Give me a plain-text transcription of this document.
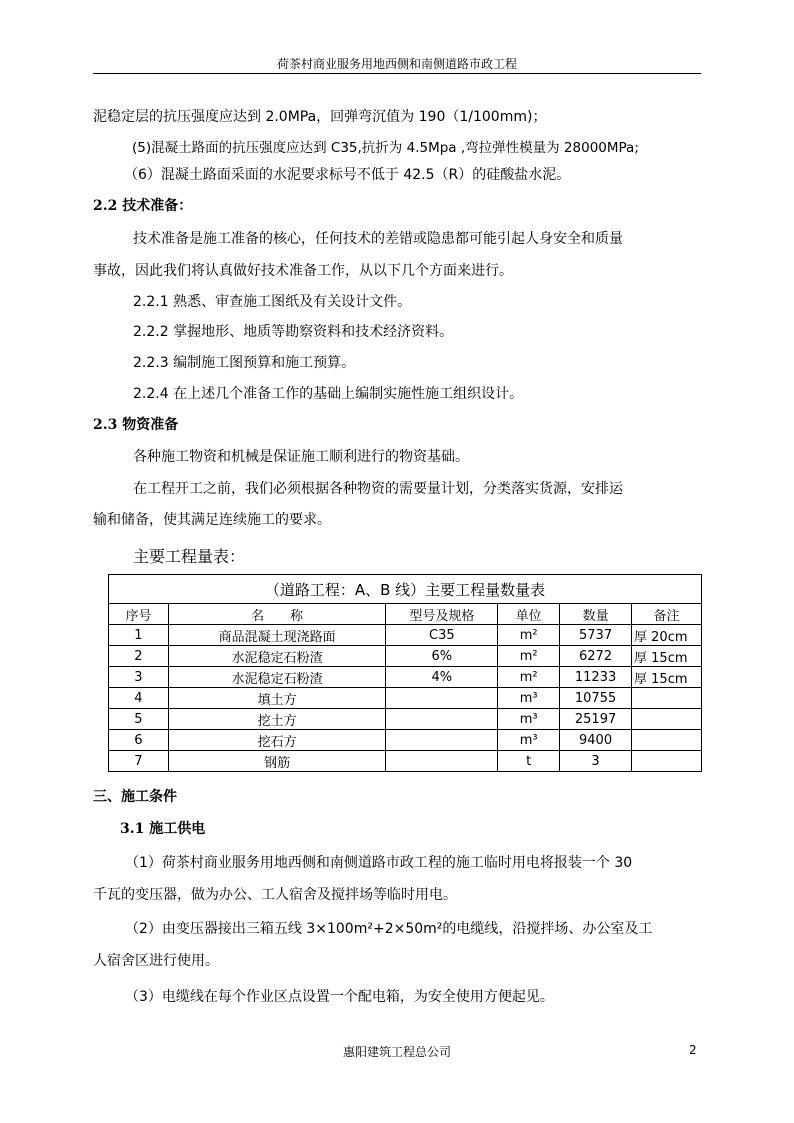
荷茶村商业服务用地西侧和南侧道路市政工程
泥稳定层的抗压强度应达到 2.0MPa，回弹弯沉值为 190（1/100mm)；
(5)混凝土路面的抗压强度应达到 C35,抗折为 4.5Mpa ,弯拉弹性模量为 28000MPa;
（6）混凝土路面采面的水泥要求标号不低于 42.5（R）的硅酸盐水泥。
2.2 技术准备：
技术准备是施工准备的核心，任何技术的差错或隐患都可能引起人身安全和质量
事故，因此我们将认真做好技术准备工作，从以下几个方面来进行。
2.2.1 熟悉、审查施工图纸及有关设计文件。
2.2.2 掌握地形、地质等勘察资料和技术经济资料。
2.2.3 编制施工图预算和施工预算。
2.2.4 在上述几个准备工作的基础上编制实施性施工组织设计。
2.3 物资准备
各种施工物资和机械是保证施工顺利进行的物资基础。
在工程开工之前，我们必须根据各种物资的需要量计划，分类落实货源，安排运
输和储备，使其满足连续施工的要求。
主要工程量表：
（道路工程：A、B 线）主要工程量数量表					
序号	名　　称	型号及规格	单位	数量	备注
1	商品混凝土现浇路面	C35	m²	5737	厚 20cm
2	水泥稳定石粉渣	6%	m²	6272	厚 15cm
3	水泥稳定石粉渣	4%	m²	11233	厚 15cm
4	填土方		m³	10755	
5	挖土方		m³	25197	
6	挖石方		m³	9400	
7	钢筋		t	3	
三、施工条件
3.1 施工供电
（1）荷茶村商业服务用地西侧和南侧道路市政工程的施工临时用电将报装一个 30
千瓦的变压器，做为办公、工人宿舍及搅拌场等临时用电。
（2）由变压器接出三箱五线 3×100m²+2×50m²的电缆线，沿搅拌场、办公室及工
人宿舍区进行使用。
（3）电缆线在每个作业区点设置一个配电箱，为安全使用方便起见。
惠阳建筑工程总公司	2
